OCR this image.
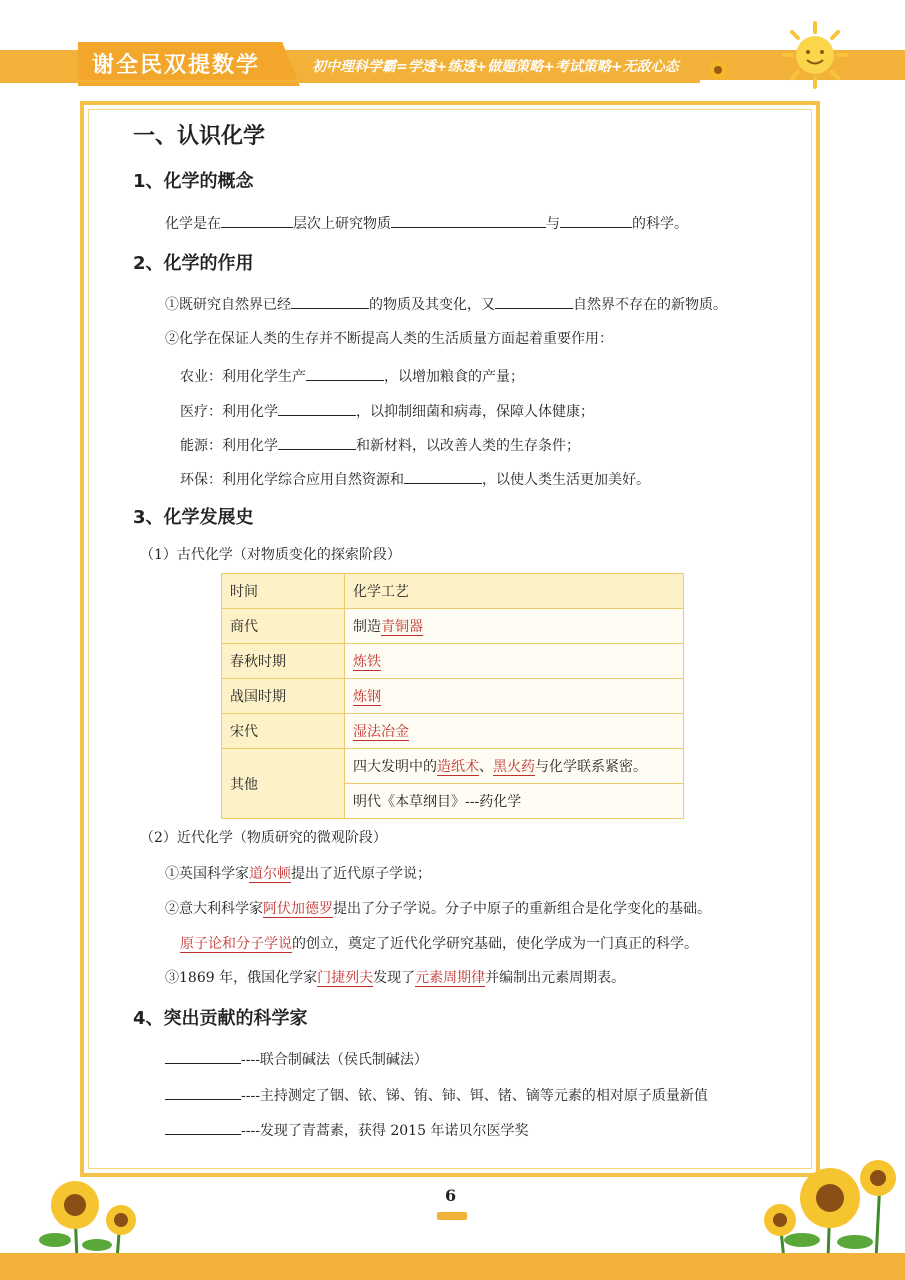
谢全民双提数学	初中理科学霸=学透+练透+做题策略+考试策略+无敌心态
一、认识化学
1、化学的概念
化学是在	层次上研究物质	与	的科学。
2、化学的作用
①既研究自然界已经	的物质及其变化，又	自然界不存在的新物质。
②化学在保证人类的生存并不断提高人类的生活质量方面起着重要作用：
农业：利用化学生产	，以增加粮食的产量；
医疗：利用化学	，以抑制细菌和病毒，保障人体健康；
能源：利用化学	和新材料，以改善人类的生存条件；
环保：利用化学综合应用自然资源和	，以使人类生活更加美好。
3、化学发展史
（1）古代化学（对物质变化的探索阶段）
时间	化学工艺
商代	制造青铜器
春秋时期	炼铁
战国时期	炼钢
宋代	湿法冶金
其他	四大发明中的造纸术、黑火药与化学联系紧密。
	明代《本草纲目》---药化学
（2）近代化学（物质研究的微观阶段）
①英国科学家道尔顿提出了近代原子学说；
②意大利科学家阿伏加德罗提出了分子学说。分子中原子的重新组合是化学变化的基础。
原子论和分子学说的创立，奠定了近代化学研究基础，使化学成为一门真正的科学。
③1869 年，俄国化学家门捷列夫发现了元素周期律并编制出元素周期表。
4、突出贡献的科学家
----联合制碱法（侯氏制碱法）
----主持测定了铟、铱、锑、铕、铈、铒、锗、镝等元素的相对原子质量新值
----发现了青蒿素，获得 2015 年诺贝尔医学奖
6
